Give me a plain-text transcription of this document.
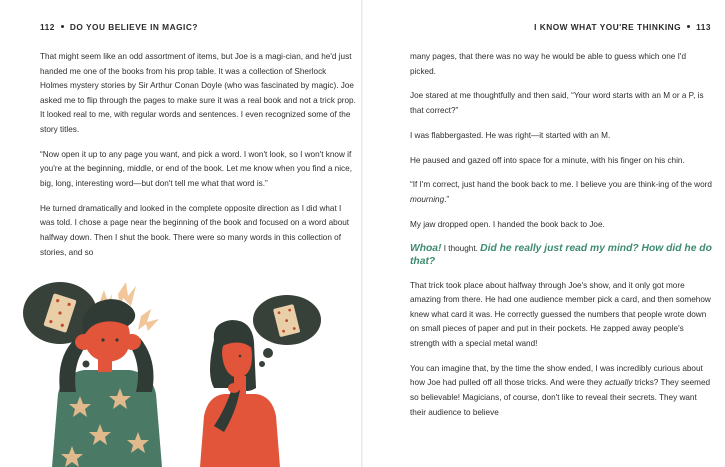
112 DO YOU BELIEVE IN MAGIC?

That might seem like an odd assortment of items, but Joe is a magi-cian, and he'd just handed me one of the books from his prop table. It was a collection of Sherlock Holmes mystery stories by Sir Arthur Conan Doyle (who was fascinated by magic). Joe asked me to flip through the pages to make sure it was a real book and not a trick prop. It looked real to me, with regular words and sentences. I even recognized some of the story titles.

“Now open it up to any page you want, and pick a word. I won't look, so I won't know if you're at the beginning, middle, or end of the book. Let me know when you find a nice, big, long, interesting word—but don't tell me what that word is.”

He turned dramatically and looked in the complete opposite direction as I did what I was told. I chose a page near the beginning of the book and focused on a word about halfway down. Then I shut the book. There were so many words in this collection of stories, and so

I KNOW WHAT YOU'RE THINKING 113

many pages, that there was no way he would be able to guess which one I'd picked.

Joe stared at me thoughtfully and then said, “Your word starts with an M or a P, is that correct?”

I was flabbergasted. He was right—it started with an M.

He paused and gazed off into space for a minute, with his finger on his chin.

“If I'm correct, just hand the book back to me. I believe you are think-ing of the word mourning.”

My jaw dropped open. I handed the book back to Joe.

Whoa! I thought. Did he really just read my mind? How did he do that?

That trick took place about halfway through Joe's show, and it only got more amazing from there. He had one audience member pick a card, and then somehow knew what card it was. He correctly guessed the numbers that people wrote down on small pieces of paper and put in their pockets. He zapped away people's strength with a special metal wand!

You can imagine that, by the time the show ended, I was incredibly curious about how Joe had pulled off all those tricks. And were they actually tricks? They seemed so believable! Magicians, of course, don't like to reveal their secrets. They want their audience to believe
